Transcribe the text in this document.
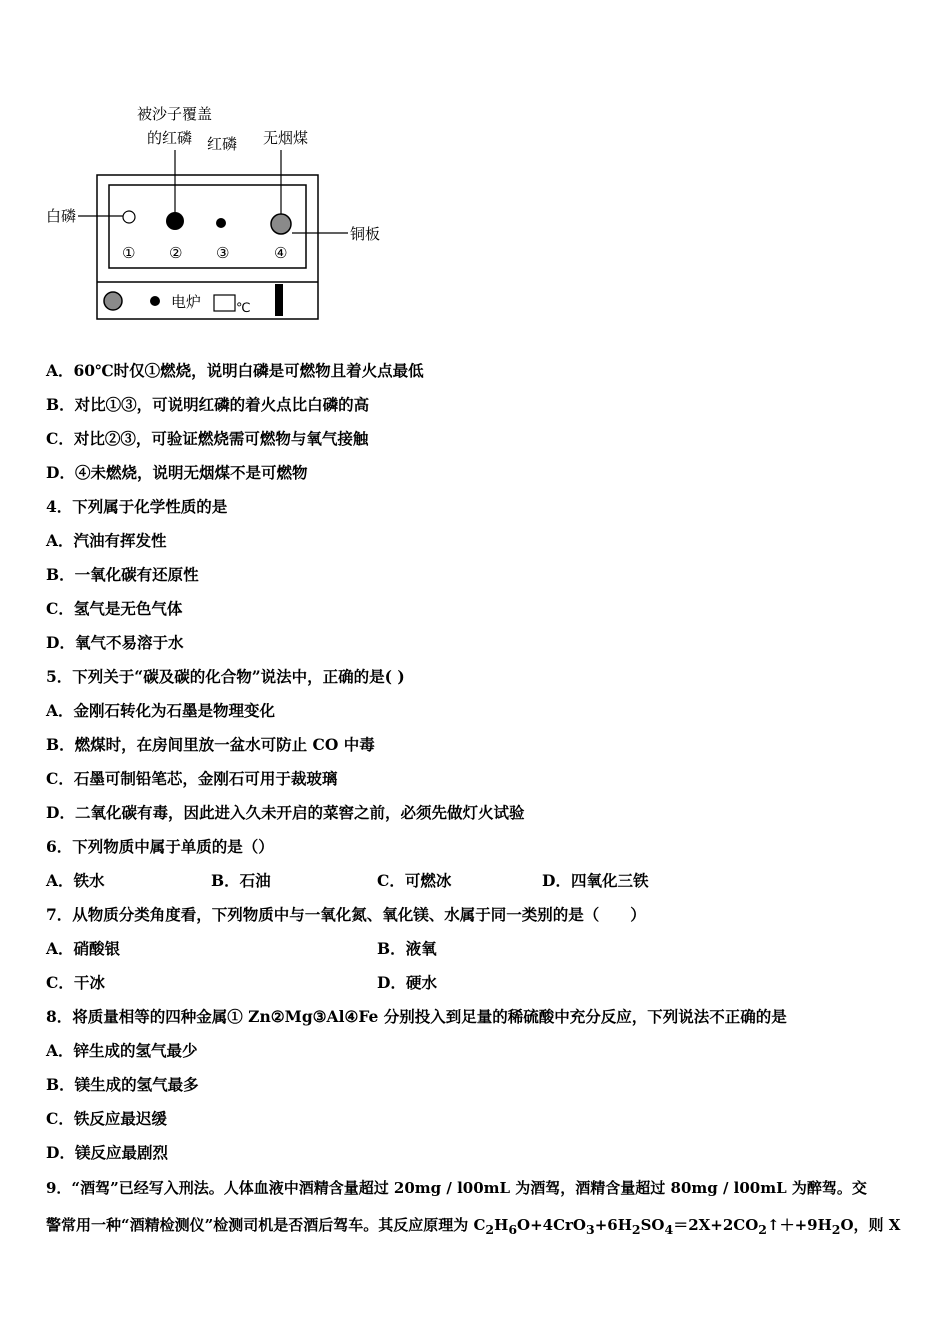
被沙子覆盖
的红磷 红磷 无烟煤
白磷
铜板
① ② ③	④
电炉	℃
A．60℃时仅①燃烧，说明白磷是可燃物且着火点最低
B．对比①③，可说明红磷的着火点比白磷的高
C．对比②③，可验证燃烧需可燃物与氧气接触
D．④未燃烧，说明无烟煤不是可燃物
4．下列属于化学性质的是
A．汽油有挥发性
B．一氧化碳有还原性
C．氢气是无色气体
D．氧气不易溶于水
5．下列关于“碳及碳的化合物”说法中，正确的是( )
A．金刚石转化为石墨是物理变化
B．燃煤时，在房间里放一盆水可防止 CO 中毒
C．石墨可制铅笔芯，金刚石可用于裁玻璃
D．二氧化碳有毒，因此进入久未开启的菜窖之前，必须先做灯火试验
6．下列物质中属于单质的是（）
A．铁水	B．石油	C．可燃冰	D．四氧化三铁
7．从物质分类角度看，下列物质中与一氧化氮、氧化镁、水属于同一类别的是（　　）
A．硝酸银	B．液氧
C．干冰	D．硬水
8．将质量相等的四种金属① Zn②Mg③Al④Fe 分别投入到足量的稀硫酸中充分反应，下列说法不正确的是
A．锌生成的氢气最少
B．镁生成的氢气最多
C．铁反应最迟缓
D．镁反应最剧烈
9．“酒驾”已经写入刑法。人体血液中酒精含量超过 20mg / l00mL 为酒驾，酒精含量超过 80mg / l00mL 为醉驾。交
警常用一种“酒精检测仪”检测司机是否酒后驾车。其反应原理为 $C_2H_6O+4CrO_3+6H_2SO_4=2X+2CO_2↑++9H_2O$，则 X
